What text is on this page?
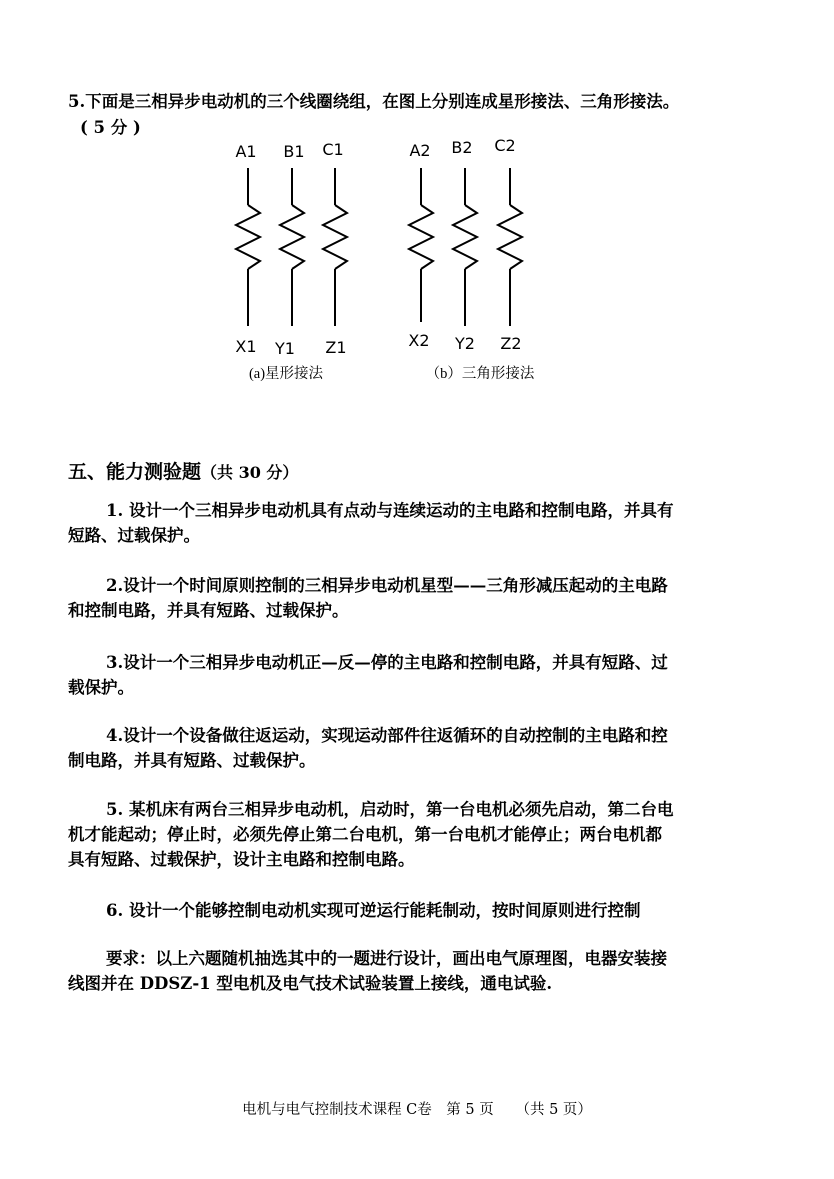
5.下面是三相异步电动机的三个线圈绕组，在图上分别连成星形接法、三角形接法。
( 5 分 )
A1 B1 C1
X1 Y1 Z1
(a)星形接法
A2 B2 C2
X2 Y2 Z2
（b）三角形接法
五、能力测验题（共 30 分）
1. 设计一个三相异步电动机具有点动与连续运动的主电路和控制电路，并具有
短路、过载保护。
2.设计一个时间原则控制的三相异步电动机星型——三角形减压起动的主电路
和控制电路，并具有短路、过载保护。
3.设计一个三相异步电动机正—反—停的主电路和控制电路，并具有短路、过
载保护。
4.设计一个设备做往返运动，实现运动部件往返循环的自动控制的主电路和控
制电路，并具有短路、过载保护。
5. 某机床有两台三相异步电动机，启动时，第一台电机必须先启动，第二台电
机才能起动；停止时，必须先停止第二台电机，第一台电机才能停止；两台电机都
具有短路、过载保护，设计主电路和控制电路。
6. 设计一个能够控制电动机实现可逆运行能耗制动，按时间原则进行控制
要求：以上六题随机抽选其中的一题进行设计，画出电气原理图，电器安装接
线图并在 DDSZ-1 型电机及电气技术试验装置上接线，通电试验.
电机与电气控制技术课程 C卷　第 5 页　　（共 5 页）
